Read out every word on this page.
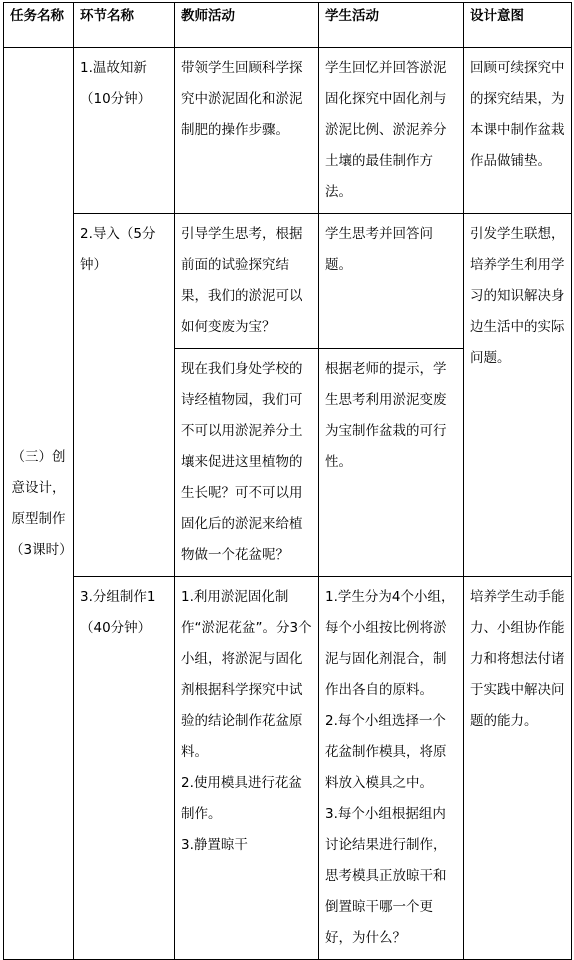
任务名称	环节名称	教师活动	学生活动	设计意图
（三）创意设计，原型制作（3课时）	1.温故知新（10分钟）	带领学生回顾科学探究中淤泥固化和淤泥制肥的操作步骤。	学生回忆并回答淤泥固化探究中固化剂与淤泥比例、淤泥养分土壤的最佳制作方法。	回顾可续探究中的探究结果，为本课中制作盆栽作品做铺垫。
	2.导入（5分钟）	引导学生思考，根据前面的试验探究结果，我们的淤泥可以如何变废为宝？	学生思考并回答问题。	引发学生联想，培养学生利用学习的知识解决身边生活中的实际问题。
		现在我们身处学校的诗经植物园，我们可不可以用淤泥养分土壤来促进这里植物的生长呢？可不可以用固化后的淤泥来给植物做一个花盆呢？	根据老师的提示，学生思考利用淤泥变废为宝制作盆栽的可行性。	
	3.分组制作1（40分钟）	1.利用淤泥固化制作“淤泥花盆”。分3个小组，将淤泥与固化剂根据科学探究中试验的结论制作花盆原料。
2.使用模具进行花盆制作。
3.静置晾干	1.学生分为4个小组，每个小组按比例将淤泥与固化剂混合，制作出各自的原料。
2.每个小组选择一个花盆制作模具，将原料放入模具之中。
3.每个小组根据组内讨论结果进行制作，思考模具正放晾干和倒置晾干哪一个更好，为什么？	培养学生动手能力、小组协作能力和将想法付诸于实践中解决问题的能力。
